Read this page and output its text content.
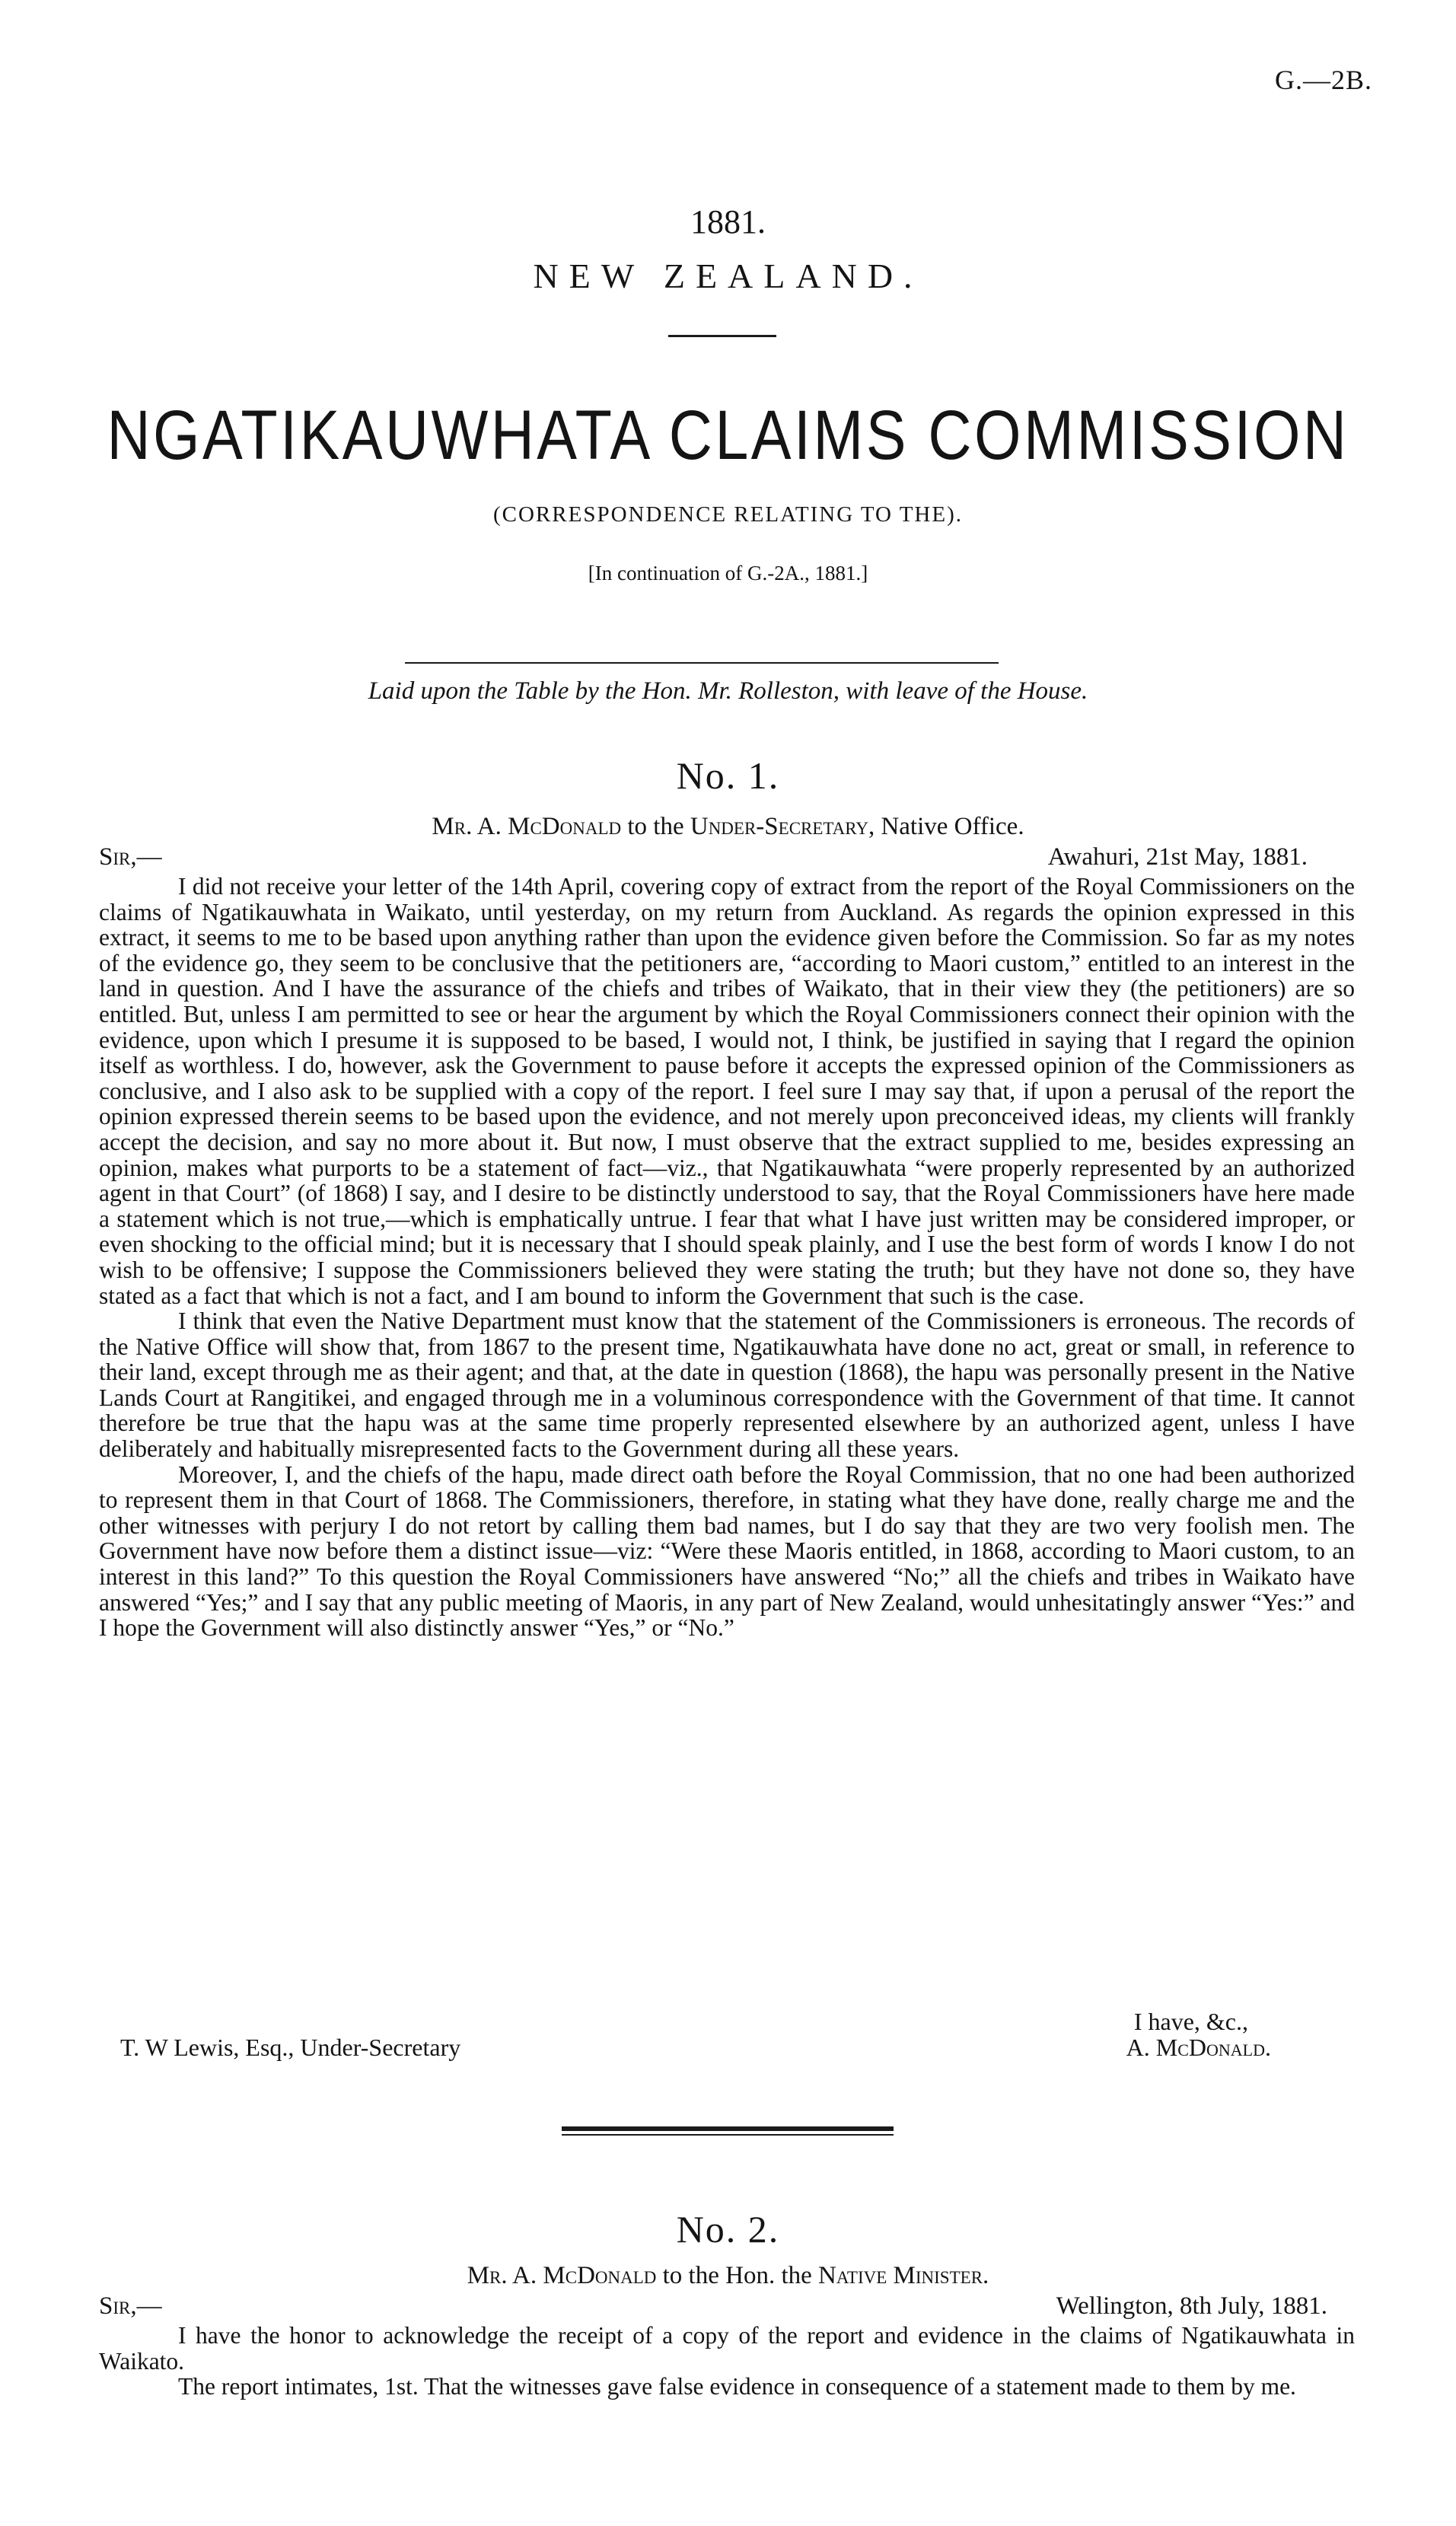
G.—2B.
1881.
NEW ZEALAND.
NGATIKAUWHATA CLAIMS COMMISSION
(CORRESPONDENCE RELATING TO THE).
[In continuation of G.-2A., 1881.]
Laid upon the Table by the Hon. Mr. Rolleston, with leave of the House.
No. 1.
Mr. A. McDonald to the Under-Secretary, Native Office.
Sir,—	Awahuri, 21st May, 1881.

I did not receive your letter of the 14th April, covering copy of extract from the report of the Royal Commissioners on the claims of Ngatikauwhata in Waikato, until yesterday, on my return from Auckland. As regards the opinion expressed in this extract, it seems to me to be based upon anything rather than upon the evidence given before the Commission. So far as my notes of the evidence go, they seem to be conclusive that the petitioners are, “according to Maori custom,” entitled to an interest in the land in question. And I have the assurance of the chiefs and tribes of Waikato, that in their view they (the petitioners) are so entitled. But, unless I am permitted to see or hear the argument by which the Royal Commissioners connect their opinion with the evidence, upon which I presume it is supposed to be based, I would not, I think, be justified in saying that I regard the opinion itself as worthless. I do, however, ask the Government to pause before it accepts the expressed opinion of the Commissioners as conclusive, and I also ask to be supplied with a copy of the report. I feel sure I may say that, if upon a perusal of the report the opinion expressed therein seems to be based upon the evidence, and not merely upon preconceived ideas, my clients will frankly accept the decision, and say no more about it. But now, I must observe that the extract supplied to me, besides expressing an opinion, makes what purports to be a statement of fact—viz., that Ngatikauwhata “were properly represented by an authorized agent in that Court” (of 1868) I say, and I desire to be distinctly understood to say, that the Royal Commissioners have here made a statement which is not true,—which is emphatically untrue. I fear that what I have just written may be considered improper, or even shocking to the official mind; but it is necessary that I should speak plainly, and I use the best form of words I know I do not wish to be offensive; I suppose the Commissioners believed they were stating the truth; but they have not done so, they have stated as a fact that which is not a fact, and I am bound to inform the Government that such is the case.

I think that even the Native Department must know that the statement of the Commissioners is erroneous. The records of the Native Office will show that, from 1867 to the present time, Ngatikauwhata have done no act, great or small, in reference to their land, except through me as their agent; and that, at the date in question (1868), the hapu was personally present in the Native Lands Court at Rangitikei, and engaged through me in a voluminous correspondence with the Government of that time. It cannot therefore be true that the hapu was at the same time properly represented elsewhere by an authorized agent, unless I have deliberately and habitually misrepresented facts to the Government during all these years.

Moreover, I, and the chiefs of the hapu, made direct oath before the Royal Commission, that no one had been authorized to represent them in that Court of 1868. The Commissioners, therefore, in stating what they have done, really charge me and the other witnesses with perjury I do not retort by calling them bad names, but I do say that they are two very foolish men. The Government have now before them a distinct issue—viz: “Were these Maoris entitled, in 1868, according to Maori custom, to an interest in this land?” To this question the Royal Commissioners have answered “No;” all the chiefs and tribes in Waikato have answered “Yes;” and I say that any public meeting of Maoris, in any part of New Zealand, would unhesitatingly answer “Yes:” and I hope the Government will also distinctly answer “Yes,” or “No.”

I have, &c.,
T. W Lewis, Esq., Under-Secretary	A. McDonald.
No. 2.
Mr. A. McDonald to the Hon. the Native Minister.
Sir,—	Wellington, 8th July, 1881.

I have the honor to acknowledge the receipt of a copy of the report and evidence in the claims of Ngatikauwhata in Waikato.

The report intimates, 1st. That the witnesses gave false evidence in consequence of a statement made to them by me.
